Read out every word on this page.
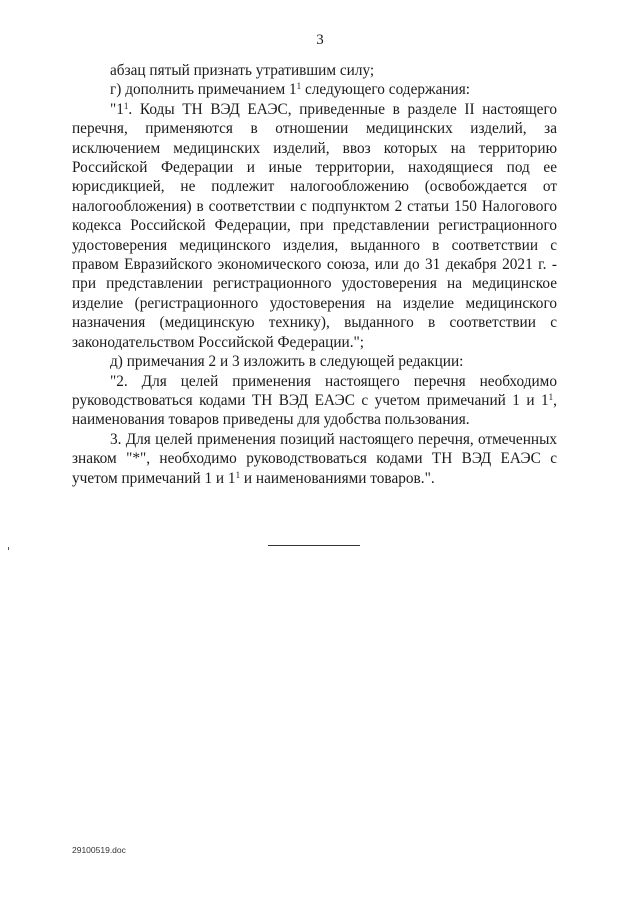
3

абзац пятый признать утратившим силу;

г) дополнить примечанием $1^1$ следующего содержания:

"$1^1$. Коды ТН ВЭД ЕАЭС, приведенные в разделе II настоящего перечня, применяются в отношении медицинских изделий, за исключением медицинских изделий, ввоз которых на территорию Российской Федерации и иные территории, находящиеся под ее юрисдикцией, не подлежит налогообложению (освобождается от налогообложения) в соответствии с подпунктом 2 статьи 150 Налогового кодекса Российской Федерации, при представлении регистрационного удостоверения медицинского изделия, выданного в соответствии с правом Евразийского экономического союза, или до 31 декабря 2021 г. - при представлении регистрационного удостоверения на медицинское изделие (регистрационного удостоверения на изделие медицинского назначения (медицинскую технику), выданного в соответствии с законодательством Российской Федерации.";

д) примечания 2 и 3 изложить в следующей редакции:

"2. Для целей применения настоящего перечня необходимо руководствоваться кодами ТН ВЭД ЕАЭС с учетом примечаний 1 и $1^1$, наименования товаров приведены для удобства пользования.

3. Для целей применения позиций настоящего перечня, отмеченных знаком "*", необходимо руководствоваться кодами ТН ВЭД ЕАЭС с учетом примечаний 1 и $1^1$ и наименованиями товаров.".

29100519.doc
